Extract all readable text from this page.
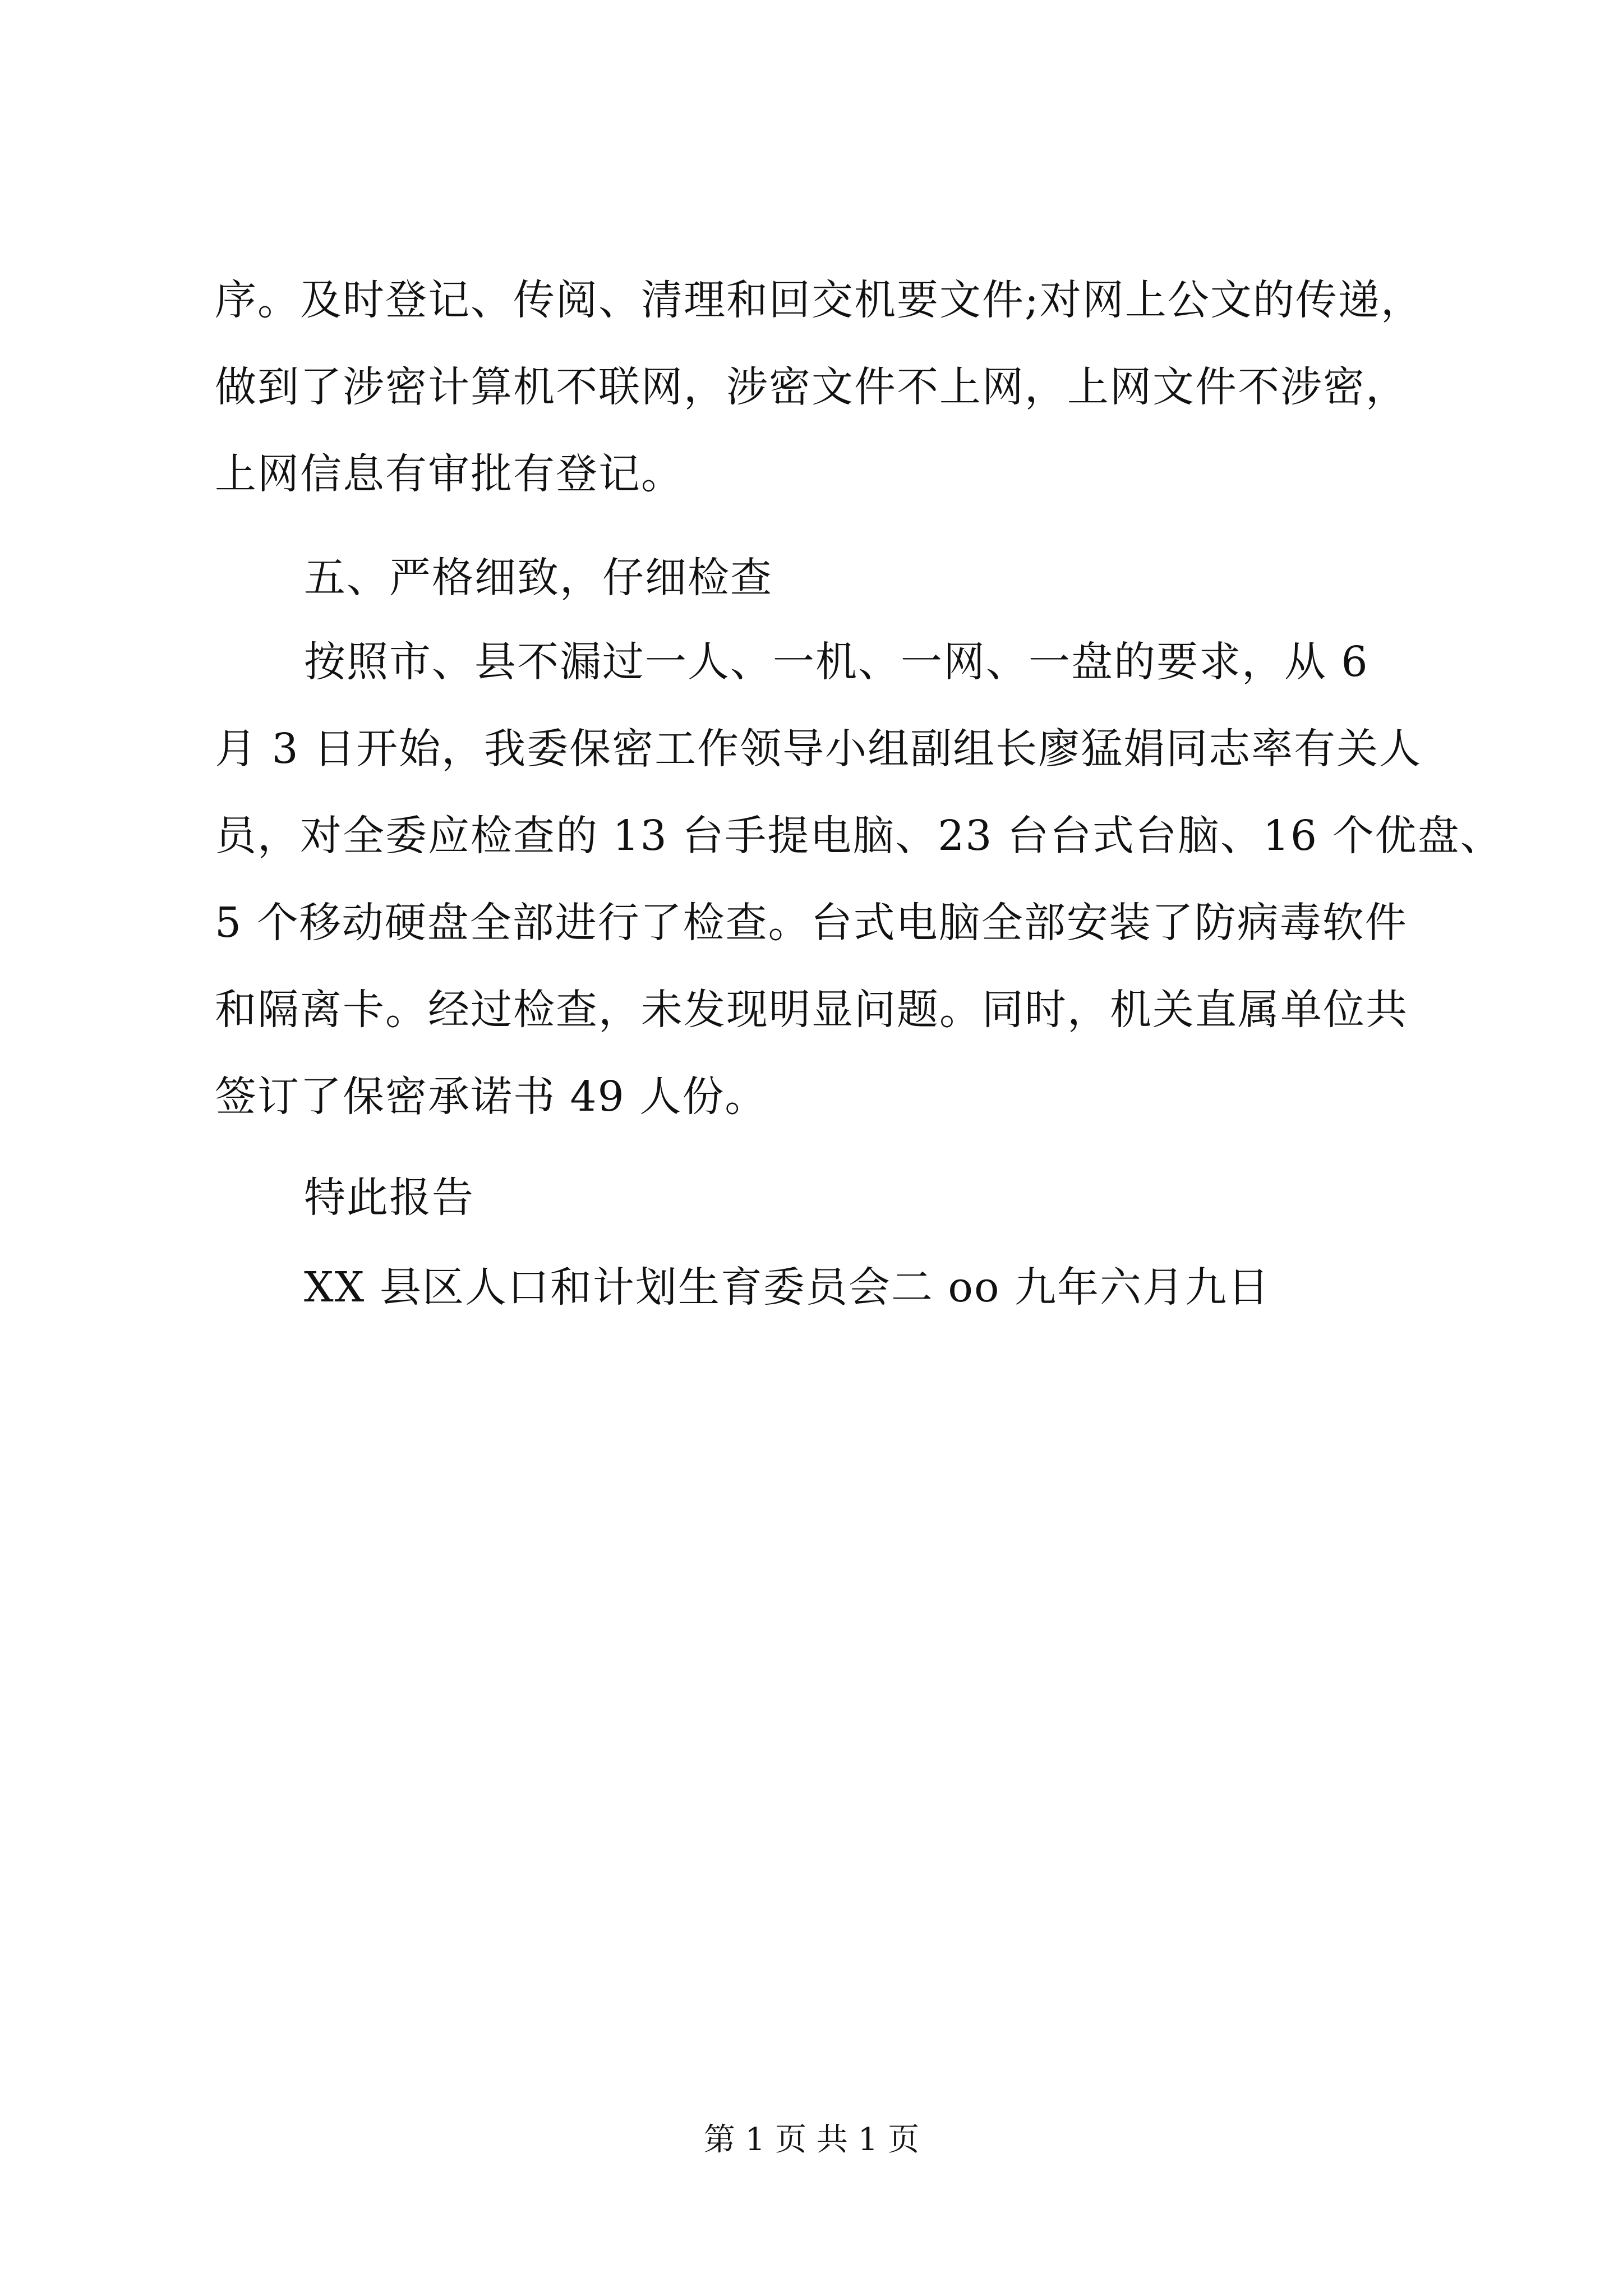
序。及时登记、传阅、清理和回交机要文件;对网上公文的传递，
做到了涉密计算机不联网，涉密文件不上网，上网文件不涉密，
上网信息有审批有登记。
五、严格细致，仔细检查
按照市、县不漏过一人、一机、一网、一盘的要求，从 6
月 3 日开始，我委保密工作领导小组副组长廖猛娟同志率有关人
员，对全委应检查的 13 台手提电脑、23 台台式台脑、16 个优盘、
5 个移动硬盘全部进行了检查。台式电脑全部安装了防病毒软件
和隔离卡。经过检查，未发现明显问题。同时，机关直属单位共
签订了保密承诺书 49 人份。
特此报告
XX 县区人口和计划生育委员会二 oo 九年六月九日
第 1 页 共 1 页
